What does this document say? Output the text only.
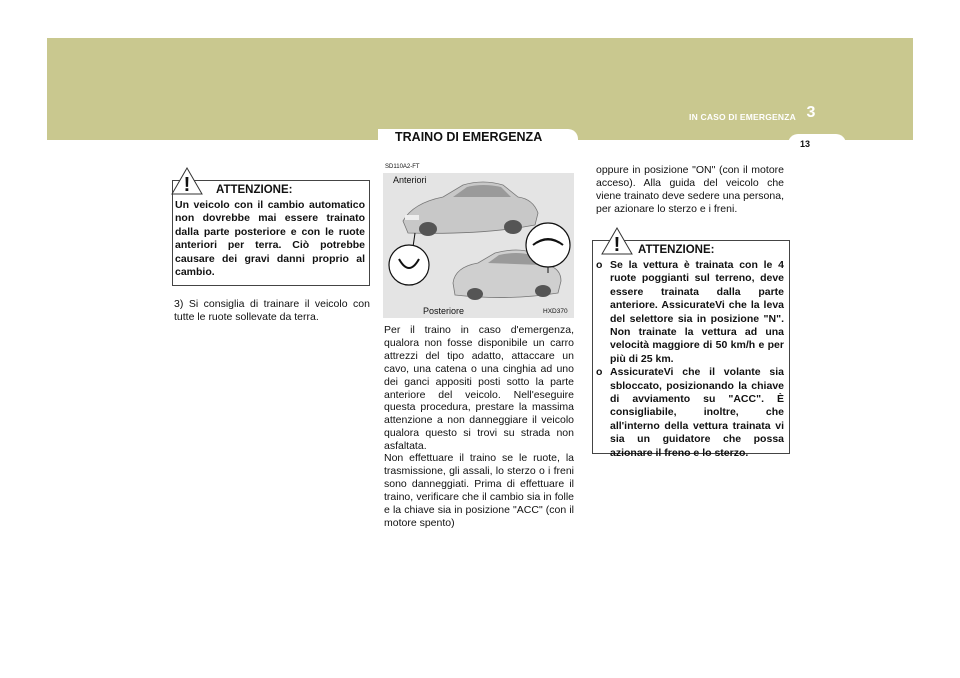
IN CASO DI EMERGENZA 3
TRAINO DI EMERGENZA	13
! ATTENZIONE:
Un veicolo con il cambio automatico non dovrebbe mai essere trainato dalla parte posteriore e con le ruote anteriori per terra. Ciò potrebbe causare dei gravi danni proprio al cambio.
3) Si consiglia di trainare il veicolo con tutte le ruote sollevate da terra.
SD110A2-FT
Anteriori
Posteriore	HXD370
Per il traino in caso d'emergenza, qualora non fosse disponibile un carro attrezzi del tipo adatto, attaccare un cavo, una catena o una cinghia ad uno dei ganci appositi posti sotto la parte anteriore del veicolo. Nell'eseguire questa procedura, prestare la massima attenzione a non danneggiare il veicolo qualora questo si trovi su strada non asfaltata.
Non effettuare il traino se le ruote, la trasmissione, gli assali, lo sterzo o i freni sono danneggiati. Prima di effettuare il traino, verificare che il cambio sia in folle e la chiave sia in posizione "ACC" (con il motore spento)
oppure in posizione "ON" (con il motore acceso). Alla guida del veicolo che viene trainato deve sedere una persona, per azionare lo sterzo e i freni.
! ATTENZIONE:
o Se la vettura è trainata con le 4 ruote poggianti sul terreno, deve essere trainata dalla parte anteriore. AssicurateVi che la leva del selettore sia in posizione "N". Non trainate la vettura ad una velocità maggiore di 50 km/h e per più di 25 km.
o AssicurateVi che il volante sia sbloccato, posizionando la chiave di avviamento su "ACC". È consigliabile, inoltre, che all'interno della vettura trainata vi sia un guidatore che possa azionare il freno e lo sterzo.
